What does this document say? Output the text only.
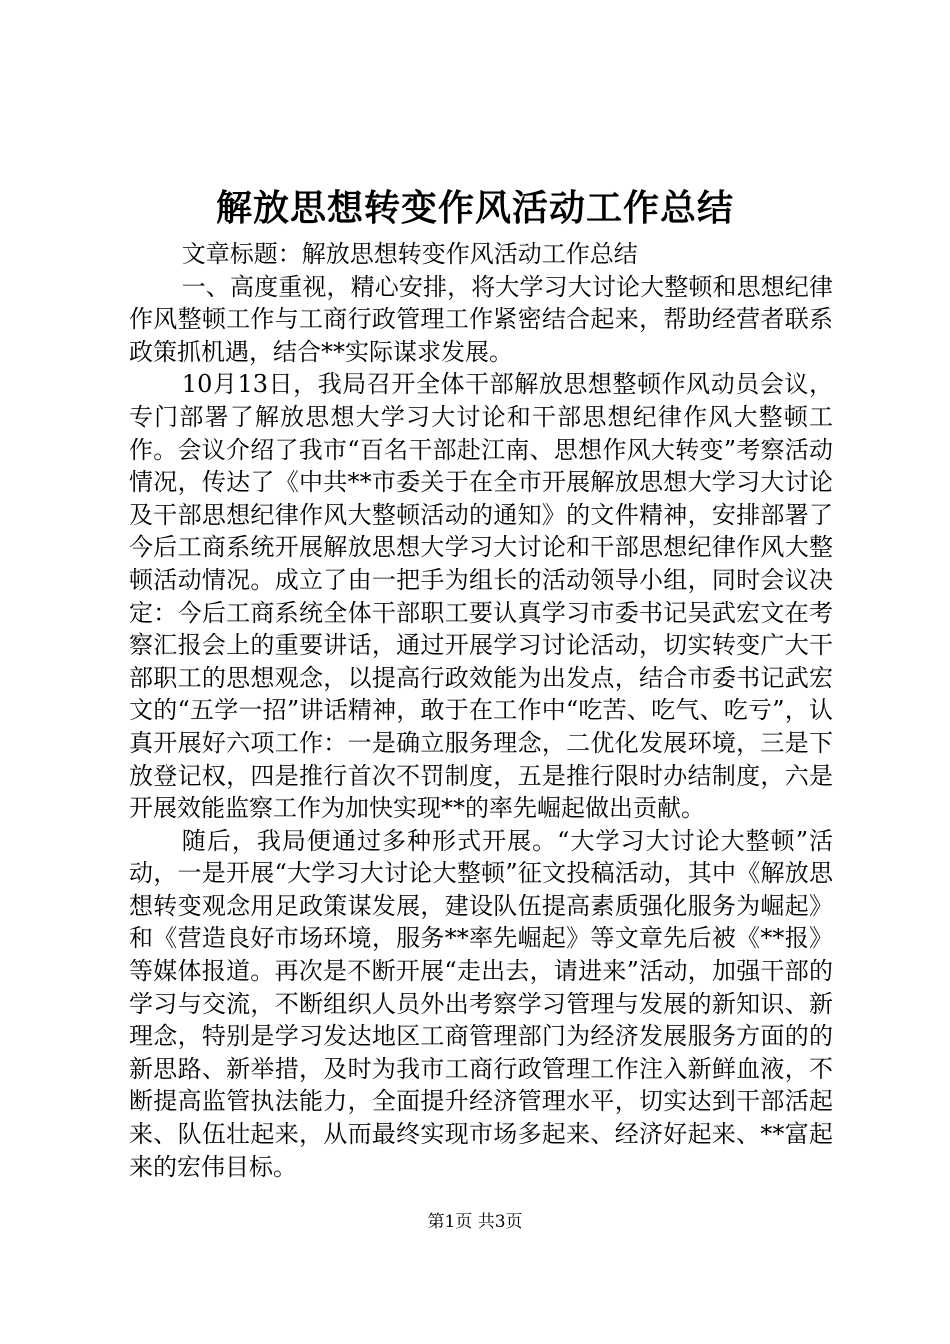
解放思想转变作风活动工作总结

文章标题：解放思想转变作风活动工作总结

一、高度重视，精心安排，将大学习大讨论大整顿和思想纪律作风整顿工作与工商行政管理工作紧密结合起来，帮助经营者联系政策抓机遇，结合**实际谋求发展。

10月13日，我局召开全体干部解放思想整顿作风动员会议，专门部署了解放思想大学习大讨论和干部思想纪律作风大整顿工作。会议介绍了我市“百名干部赴江南、思想作风大转变”考察活动情况，传达了《中共**市委关于在全市开展解放思想大学习大讨论及干部思想纪律作风大整顿活动的通知》的文件精神，安排部署了今后工商系统开展解放思想大学习大讨论和干部思想纪律作风大整顿活动情况。成立了由一把手为组长的活动领导小组，同时会议决定：今后工商系统全体干部职工要认真学习市委书记吴武宏文在考察汇报会上的重要讲话，通过开展学习讨论活动，切实转变广大干部职工的思想观念，以提高行政效能为出发点，结合市委书记武宏文的“五学一招”讲话精神，敢于在工作中“吃苦、吃气、吃亏”，认真开展好六项工作：一是确立服务理念，二优化发展环境，三是下放登记权，四是推行首次不罚制度，五是推行限时办结制度，六是开展效能监察工作为加快实现**的率先崛起做出贡献。

随后，我局便通过多种形式开展。“大学习大讨论大整顿”活动，一是开展“大学习大讨论大整顿”征文投稿活动，其中《解放思想转变观念用足政策谋发展，建设队伍提高素质强化服务为崛起》和《营造良好市场环境，服务**率先崛起》等文章先后被《**报》等媒体报道。再次是不断开展“走出去，请进来”活动，加强干部的学习与交流，不断组织人员外出考察学习管理与发展的新知识、新理念，特别是学习发达地区工商管理部门为经济发展服务方面的的新思路、新举措，及时为我市工商行政管理工作注入新鲜血液，不断提高监管执法能力，全面提升经济管理水平，切实达到干部活起来、队伍壮起来，从而最终实现市场多起来、经济好起来、**富起来的宏伟目标。

第1页 共3页
